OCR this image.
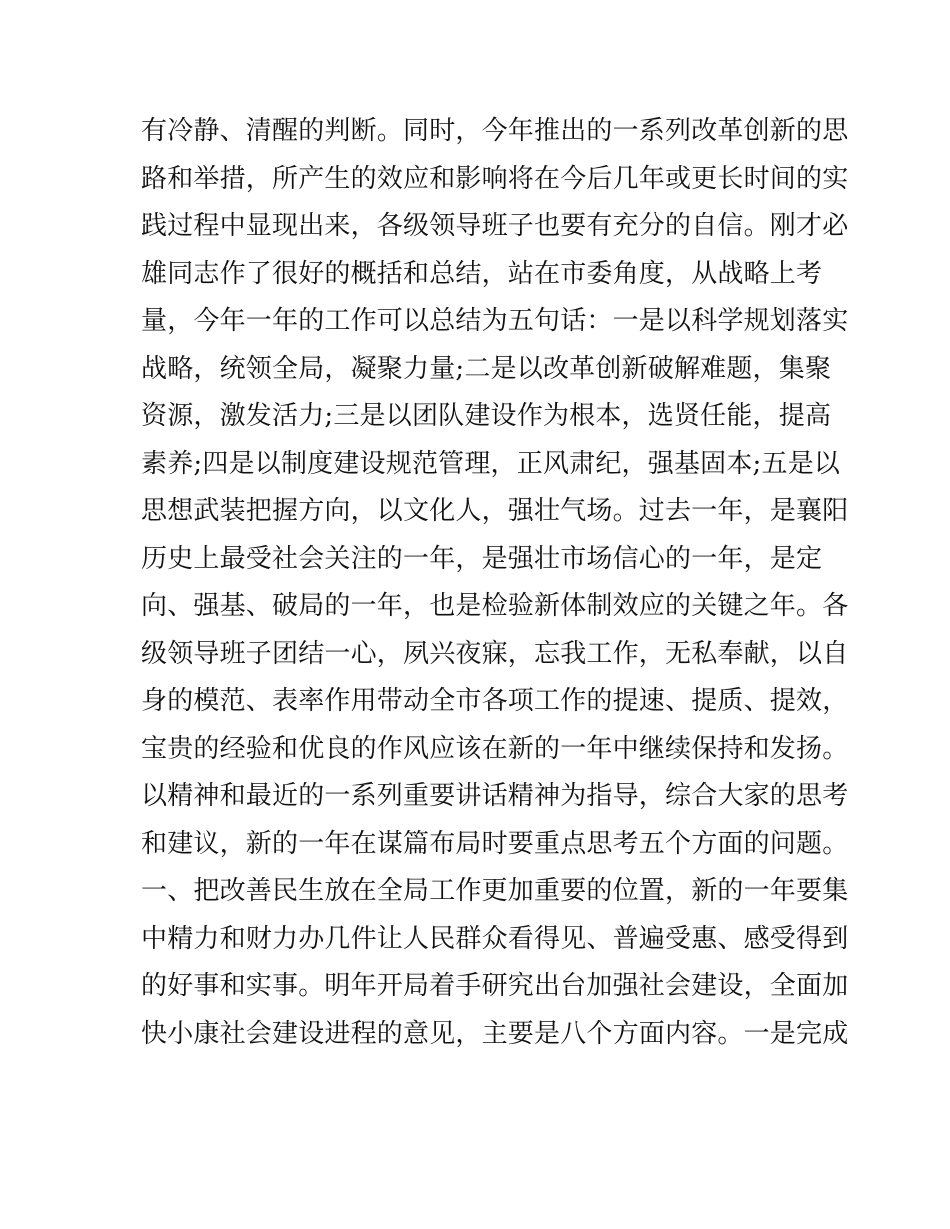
有冷静、清醒的判断。同时，今年推出的一系列改革创新的思
路和举措，所产生的效应和影响将在今后几年或更长时间的实
践过程中显现出来，各级领导班子也要有充分的自信。刚才必
雄同志作了很好的概括和总结，站在市委角度，从战略上考
量，今年一年的工作可以总结为五句话：一是以科学规划落实
战略，统领全局，凝聚力量;二是以改革创新破解难题，集聚
资源，激发活力;三是以团队建设作为根本，选贤任能，提高
素养;四是以制度建设规范管理，正风肃纪，强基固本;五是以
思想武装把握方向，以文化人，强壮气场。过去一年，是襄阳
历史上最受社会关注的一年，是强壮市场信心的一年，是定
向、强基、破局的一年，也是检验新体制效应的关键之年。各
级领导班子团结一心，夙兴夜寐，忘我工作，无私奉献，以自
身的模范、表率作用带动全市各项工作的提速、提质、提效，
宝贵的经验和优良的作风应该在新的一年中继续保持和发扬。
以精神和最近的一系列重要讲话精神为指导，综合大家的思考
和建议，新的一年在谋篇布局时要重点思考五个方面的问题。
一、把改善民生放在全局工作更加重要的位置，新的一年要集
中精力和财力办几件让人民群众看得见、普遍受惠、感受得到
的好事和实事。明年开局着手研究出台加强社会建设，全面加
快小康社会建设进程的意见，主要是八个方面内容。一是完成
